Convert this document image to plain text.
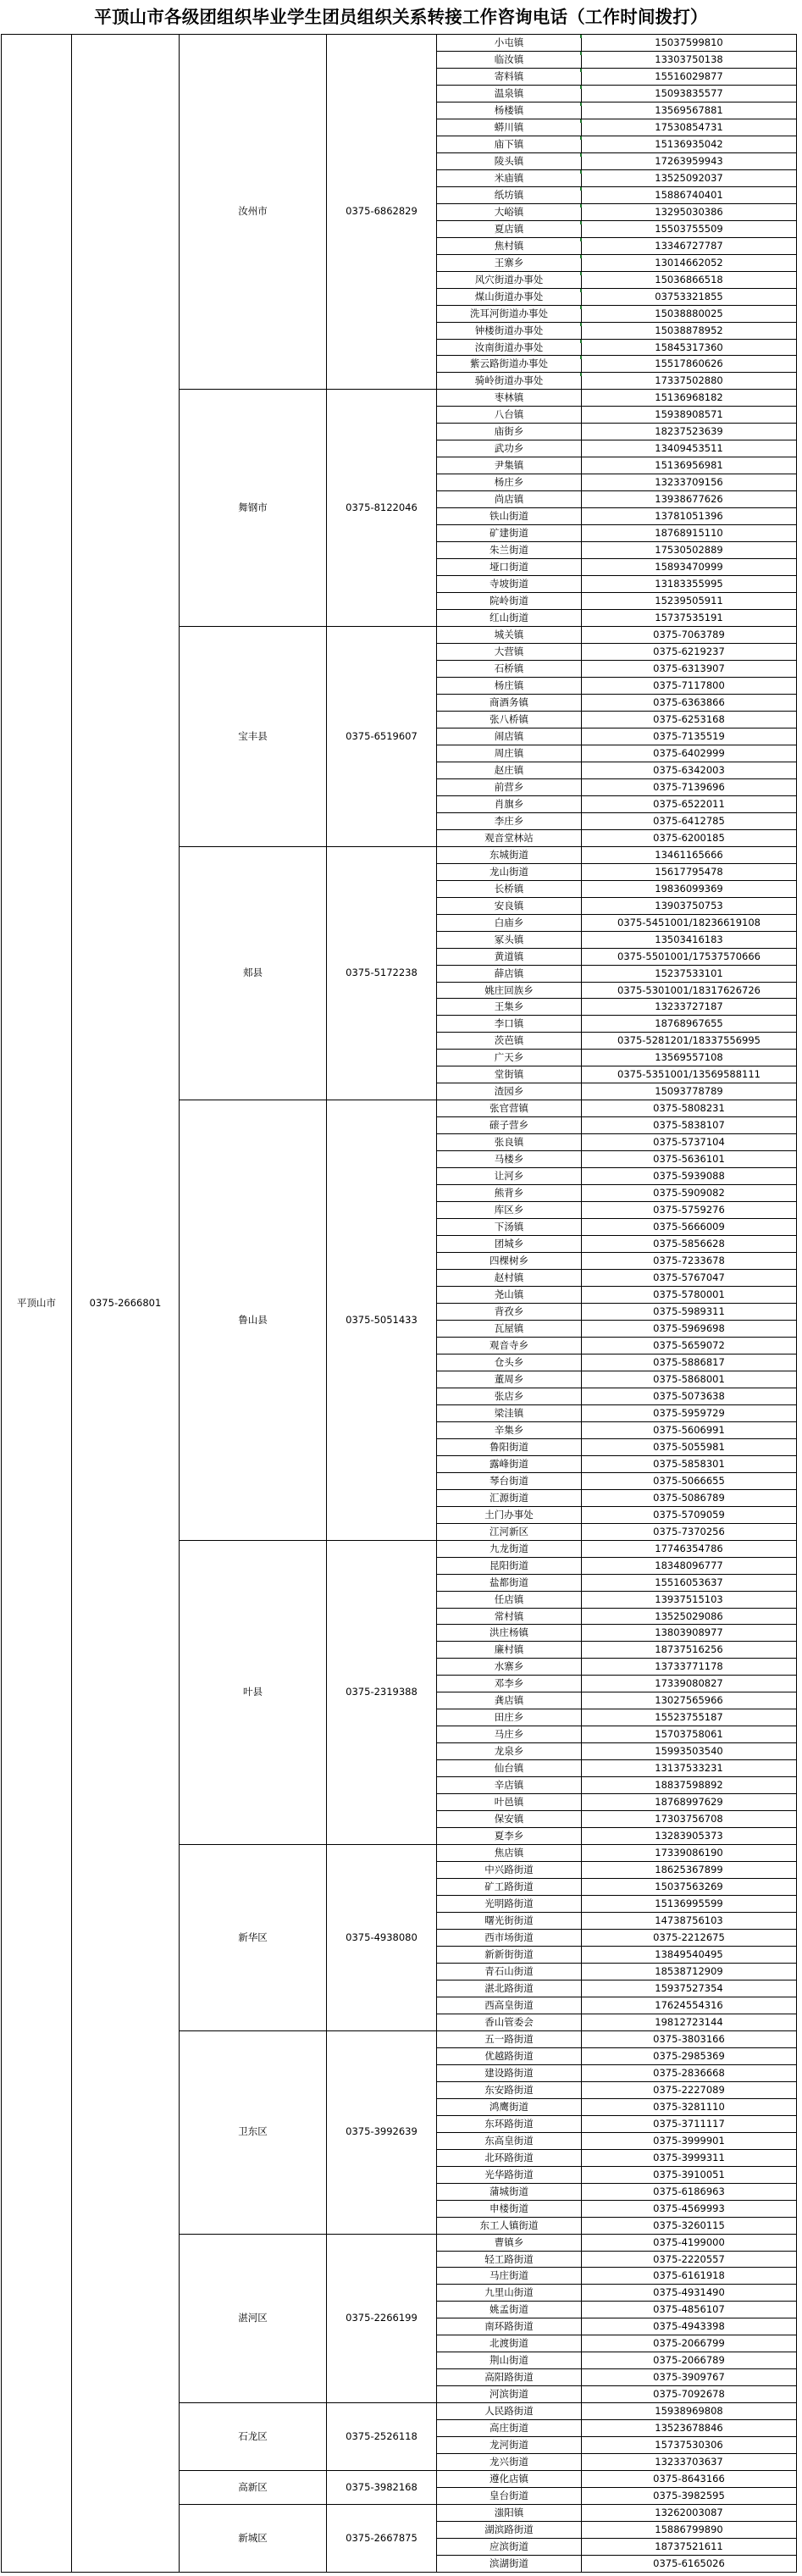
平顶山市各级团组织毕业学生团员组织关系转接工作咨询电话（工作时间拨打）
平顶山市	0375-2666801
汝州市	0375-6862829
小屯镇	15037599810
临汝镇	13303750138
寄料镇	15516029877
温泉镇	15093835577
杨楼镇	13569567881
蟒川镇	17530854731
庙下镇	15136935042
陵头镇	17263959943
米庙镇	13525092037
纸坊镇	15886740401
大峪镇	13295030386
夏店镇	15503755509
焦村镇	13346727787
王寨乡	13014662052
风穴街道办事处	15036866518
煤山街道办事处	03753321855
洗耳河街道办事处	15038880025
钟楼街道办事处	15038878952
汝南街道办事处	15845317360
紫云路街道办事处	15517860626
骑岭街道办事处	17337502880
舞钢市	0375-8122046
枣林镇	15136968182
八台镇	15938908571
庙街乡	18237523639
武功乡	13409453511
尹集镇	15136956981
杨庄乡	13233709156
尚店镇	13938677626
铁山街道	13781051396
矿建街道	18768915110
朱兰街道	17530502889
垭口街道	15893470999
寺坡街道	13183355995
院岭街道	15239505911
红山街道	15737535191
宝丰县	0375-6519607
城关镇	0375-7063789
大营镇	0375-6219237
石桥镇	0375-6313907
杨庄镇	0375-7117800
商酒务镇	0375-6363866
张八桥镇	0375-6253168
闹店镇	0375-7135519
周庄镇	0375-6402999
赵庄镇	0375-6342003
前营乡	0375-7139696
肖旗乡	0375-6522011
李庄乡	0375-6412785
观音堂林站	0375-6200185
郏县	0375-5172238
东城街道	13461165666
龙山街道	15617795478
长桥镇	19836099369
安良镇	13903750753
白庙乡	0375-5451001/18236619108
冢头镇	13503416183
黄道镇	0375-5501001/17537570666
薛店镇	15237533101
姚庄回族乡	0375-5301001/18317626726
王集乡	13233727187
李口镇	18768967655
茨芭镇	0375-5281201/18337556995
广天乡	13569557108
堂街镇	0375-5351001/13569588111
渣园乡	15093778789
鲁山县	0375-5051433
张官营镇	0375-5808231
磙子营乡	0375-5838107
张良镇	0375-5737104
马楼乡	0375-5636101
让河乡	0375-5939088
熊背乡	0375-5909082
库区乡	0375-5759276
下汤镇	0375-5666009
团城乡	0375-5856628
四棵树乡	0375-7233678
赵村镇	0375-5767047
尧山镇	0375-5780001
背孜乡	0375-5989311
瓦屋镇	0375-5969698
观音寺乡	0375-5659072
仓头乡	0375-5886817
董周乡	0375-5868001
张店乡	0375-5073638
梁洼镇	0375-5959729
辛集乡	0375-5606991
鲁阳街道	0375-5055981
露峰街道	0375-5858301
琴台街道	0375-5066655
汇源街道	0375-5086789
土门办事处	0375-5709059
江河新区	0375-7370256
叶县	0375-2319388
九龙街道	17746354786
昆阳街道	18348096777
盐都街道	15516053637
任店镇	13937515103
常村镇	13525029086
洪庄杨镇	13803908977
廉村镇	18737516256
水寨乡	13733771178
邓李乡	17339080827
龚店镇	13027565966
田庄乡	15523755187
马庄乡	15703758061
龙泉乡	15993503540
仙台镇	13137533231
辛店镇	18837598892
叶邑镇	18768997629
保安镇	17303756708
夏李乡	13283905373
新华区	0375-4938080
焦店镇	17339086190
中兴路街道	18625367899
矿工路街道	15037563269
光明路街道	15136995599
曙光街街道	14738756103
西市场街道	0375-2212675
新新街街道	13849540495
青石山街道	18538712909
湛北路街道	15937527354
西高皇街道	17624554316
香山管委会	19812723144
卫东区	0375-3992639
五一路街道	0375-3803166
优越路街道	0375-2985369
建设路街道	0375-2836668
东安路街道	0375-2227089
鸿鹰街道	0375-3281110
东环路街道	0375-3711117
东高皇街道	0375-3999901
北环路街道	0375-3999311
光华路街道	0375-3910051
蒲城街道	0375-6186963
申楼街道	0375-4569993
东工人镇街道	0375-3260115
湛河区	0375-2266199
曹镇乡	0375-4199000
轻工路街道	0375-2220557
马庄街道	0375-6161918
九里山街道	0375-4931490
姚孟街道	0375-4856107
南环路街道	0375-4943398
北渡街道	0375-2066799
荆山街道	0375-2066789
高阳路街道	0375-3909767
河滨街道	0375-7092678
石龙区	0375-2526118
人民路街道	15938969808
高庄街道	13523678846
龙河街道	15737530306
龙兴街道	13233703637
高新区	0375-3982168
遵化店镇	0375-8643166
皇台街道	0375-3982595
新城区	0375-2667875
滍阳镇	13262003087
湖滨路街道	15886799890
应滨街道	18737521611
滨湖街道	0375-6165026
